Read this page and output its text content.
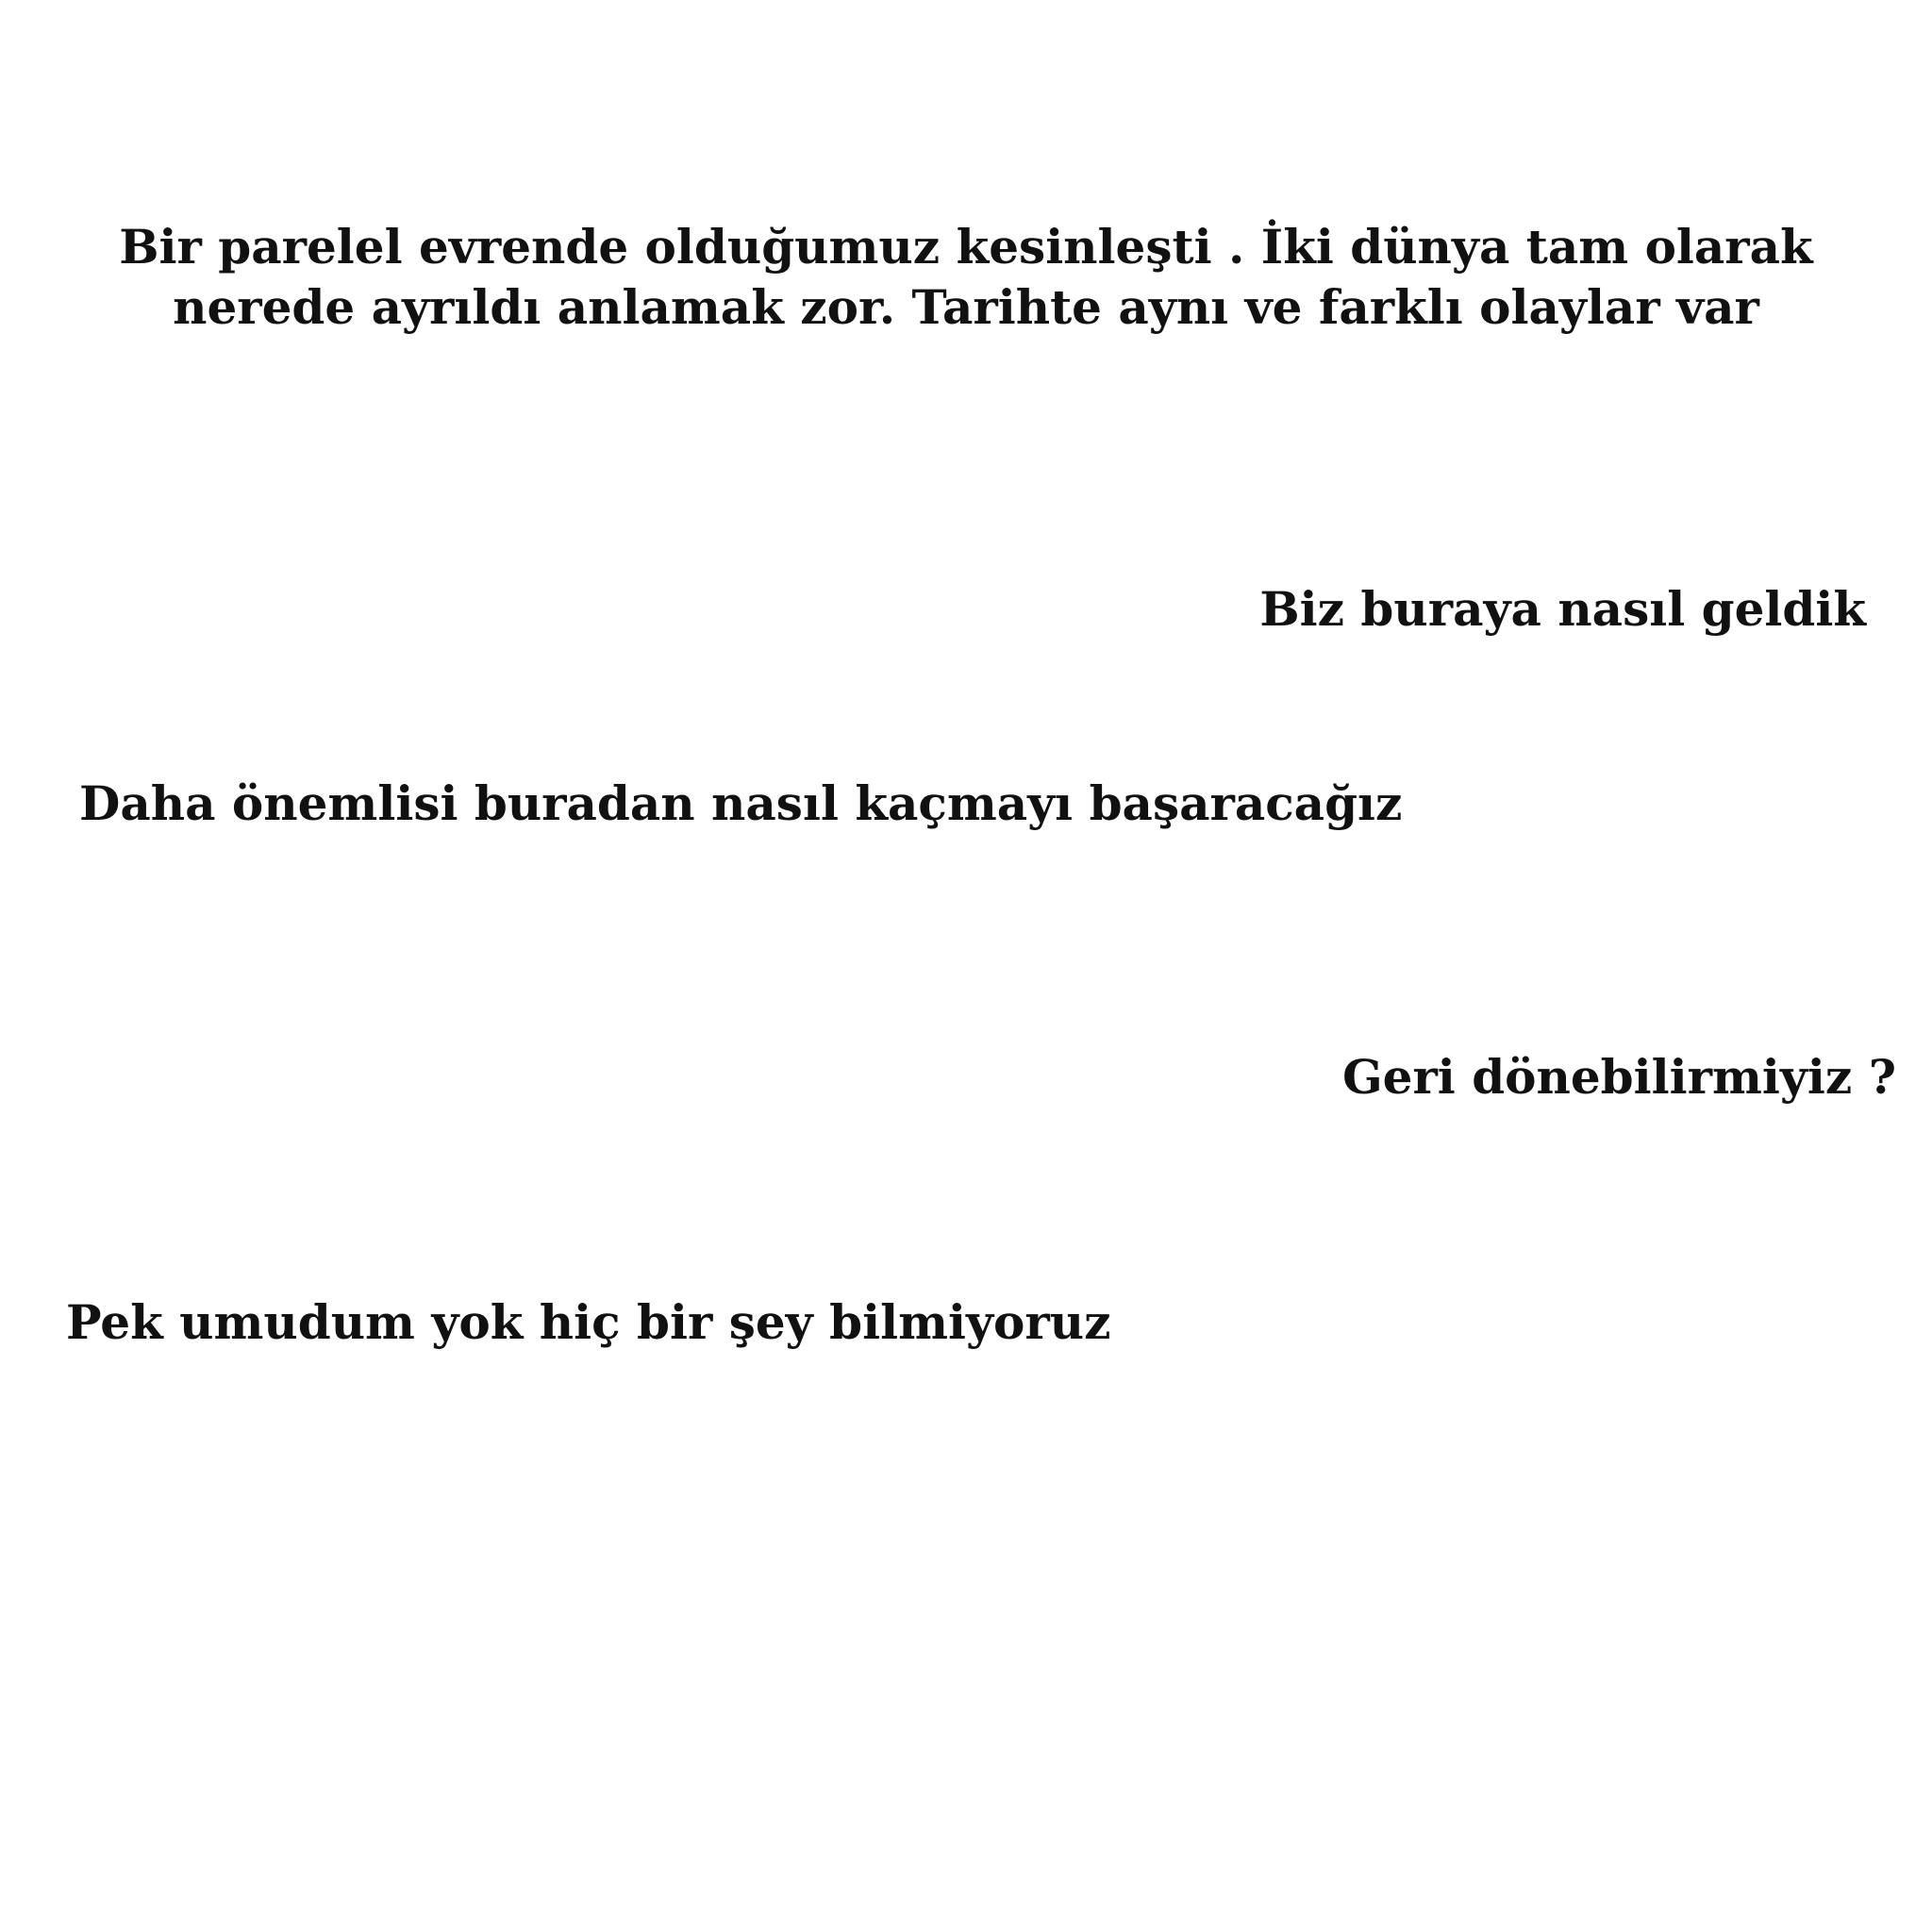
Bir parelel evrende olduğumuz kesinleşti . İki dünya tam olarak
nerede ayrıldı anlamak zor. Tarihte aynı ve farklı olaylar var
Biz buraya nasıl geldik
Daha önemlisi buradan nasıl kaçmayı başaracağız
Geri dönebilirmiyiz ?
Pek umudum yok hiç bir şey bilmiyoruz
